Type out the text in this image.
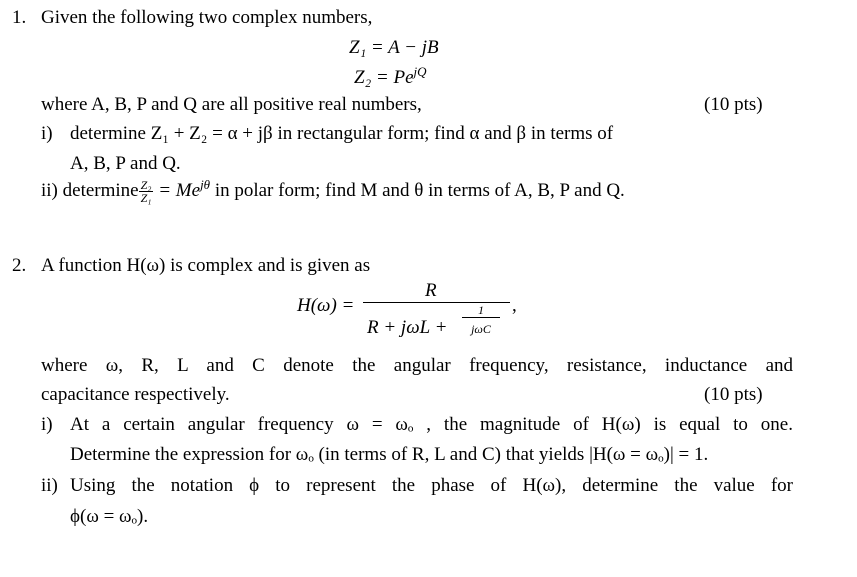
1. Given the following two complex numbers,
Z₁ = A − jB
$Z_2 = Pe^{jQ}$
where A, B, P and Q are all positive real numbers,	(10 pts)
i) determine Z₁ + Z₂ = α + jβ in rectangular form; find α and β in terms of
A, B, P and Q.
ii) determine $\frac{\text{Z₂}}{\text{Z₁}} = Me^{j\theta}$ in polar form; find M and θ in terms of A, B, P and Q.
2. A function H(ω) is complex and is given as
H(ω) =
R
R + jωL +
1
jωC
,
where ω, R, L and C denote the angular frequency, resistance, inductance and
capacitance respectively.	(10 pts)
i) At a certain angular frequency ω = ωₒ , the magnitude of H(ω) is equal to one.
Determine the expression for ωₒ (in terms of R, L and C) that yields |H(ω = ωₒ)| = 1.
ii) Using the notation ϕ to represent the phase of H(ω), determine the value for
ϕ(ω = ωₒ).
